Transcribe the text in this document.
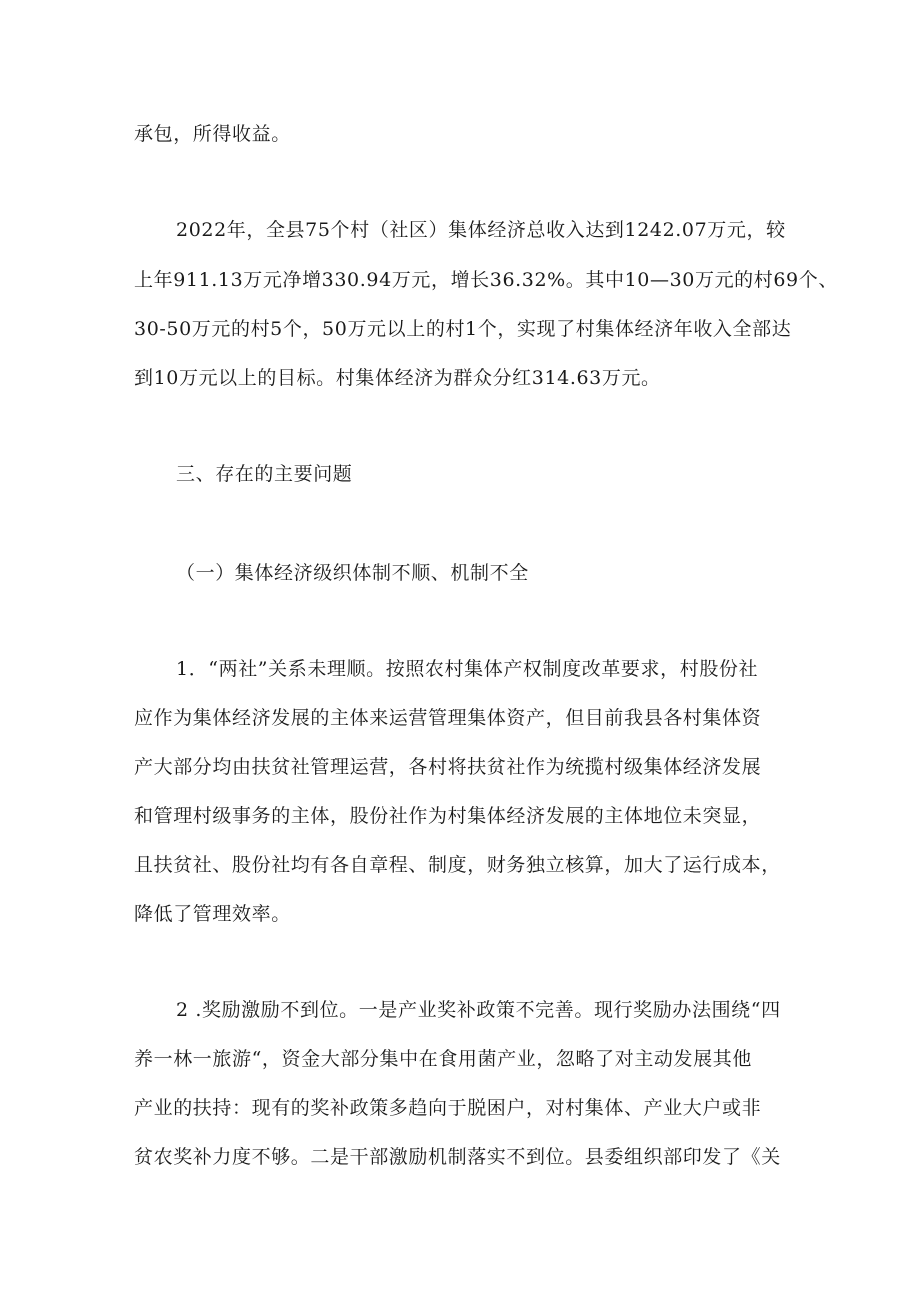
承包，所得收益。
2022年，全县75个村（社区）集体经济总收入达到1242.07万元，较
上年911.13万元净增330.94万元，增长36.32%。其中10—30万元的村69个、
30-50万元的村5个，50万元以上的村1个，实现了村集体经济年收入全部达
到10万元以上的目标。村集体经济为群众分红314.63万元。
三、存在的主要问题
（一）集体经济级织体制不顺、机制不全
1．“两社”关系未理顺。按照农村集体产权制度改革要求，村股份社
应作为集体经济发展的主体来运营管理集体资产，但目前我县各村集体资
产大部分均由扶贫社管理运营，各村将扶贫社作为统揽村级集体经济发展
和管理村级事务的主体，股份社作为村集体经济发展的主体地位未突显，
且扶贫社、股份社均有各自章程、制度，财务独立核算，加大了运行成本，
降低了管理效率。
2 .奖励激励不到位。一是产业奖补政策不完善。现行奖励办法围绕“四
养一林一旅游“，资金大部分集中在食用菌产业，忽略了对主动发展其他
产业的扶持：现有的奖补政策多趋向于脱困户，对村集体、产业大户或非
贫农奖补力度不够。二是干部激励机制落实不到位。县委组织部印发了《关
